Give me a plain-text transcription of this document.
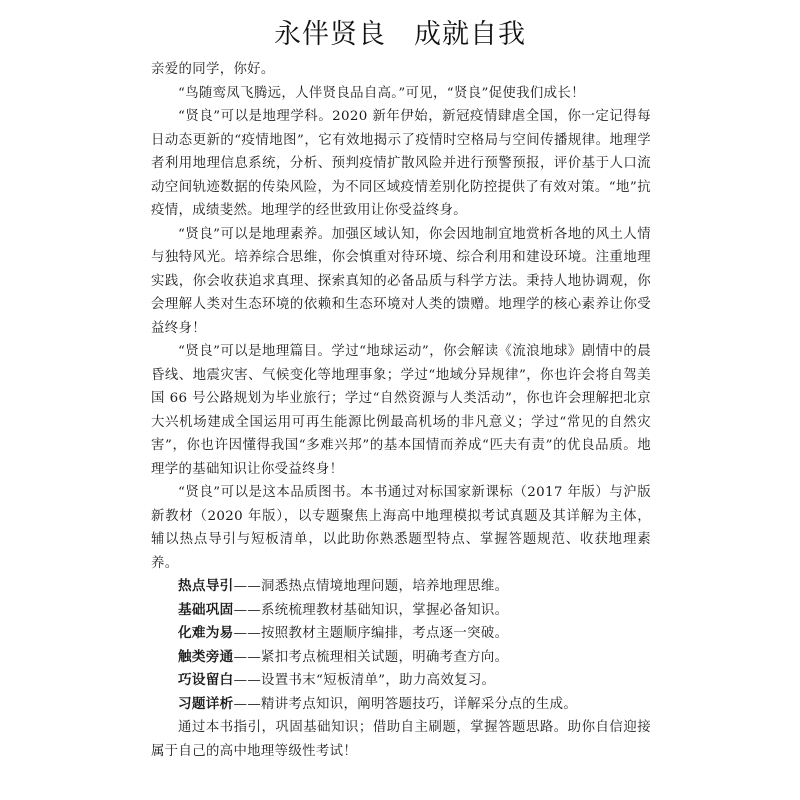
永伴贤良　成就自我

亲爱的同学，你好。

“鸟随鸾凤飞腾远，人伴贤良品自高。”可见，“贤良”促使我们成长！

“贤良”可以是地理学科。2020 新年伊始，新冠疫情肆虐全国，你一定记得每日动态更新的“疫情地图”，它有效地揭示了疫情时空格局与空间传播规律。地理学者利用地理信息系统，分析、预判疫情扩散风险并进行预警预报，评价基于人口流动空间轨迹数据的传染风险，为不同区域疫情差别化防控提供了有效对策。“地”抗疫情，成绩斐然。地理学的经世致用让你受益终身。

“贤良”可以是地理素养。加强区域认知，你会因地制宜地赏析各地的风土人情与独特风光。培养综合思维，你会慎重对待环境、综合利用和建设环境。注重地理实践，你会收获追求真理、探索真知的必备品质与科学方法。秉持人地协调观，你会理解人类对生态环境的依赖和生态环境对人类的馈赠。地理学的核心素养让你受益终身！

“贤良”可以是地理篇目。学过“地球运动”，你会解读《流浪地球》剧情中的晨昏线、地震灾害、气候变化等地理事象；学过“地域分异规律”，你也许会将自驾美国 66 号公路规划为毕业旅行；学过“自然资源与人类活动”，你也许会理解把北京大兴机场建成全国运用可再生能源比例最高机场的非凡意义；学过“常见的自然灾害”，你也许因懂得我国“多难兴邦”的基本国情而养成“匹夫有责”的优良品质。地理学的基础知识让你受益终身！

“贤良”可以是这本品质图书。本书通过对标国家新课标（2017 年版）与沪版新教材（2020 年版），以专题聚焦上海高中地理模拟考试真题及其详解为主体，辅以热点导引与短板清单，以此助你熟悉题型特点、掌握答题规范、收获地理素养。

热点导引——洞悉热点情境地理问题，培养地理思维。
基础巩固——系统梳理教材基础知识，掌握必备知识。
化难为易——按照教材主题顺序编排，考点逐一突破。
触类旁通——紧扣考点梳理相关试题，明确考查方向。
巧设留白——设置书末“短板清单”，助力高效复习。
习题详析——精讲考点知识，阐明答题技巧，详解采分点的生成。

通过本书指引，巩固基础知识；借助自主刷题，掌握答题思路。助你自信迎接属于自己的高中地理等级性考试！
